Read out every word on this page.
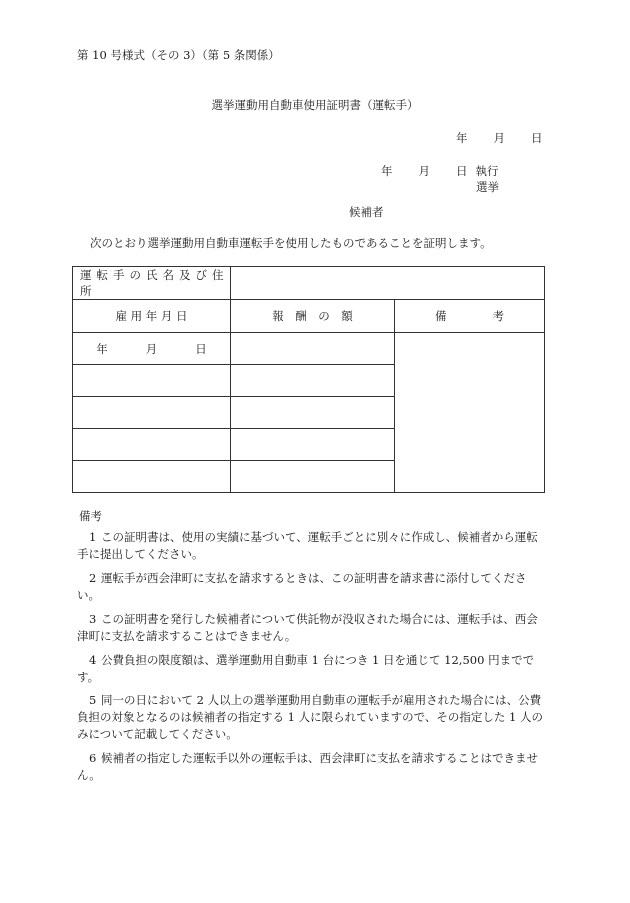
第 10 号様式（その 3）（第 5 条関係）
選挙運動用自動車使用証明書（運転手）
年 月 日
年 月 日 執行
選挙
候補者
次のとおり選挙運動用自動車運転手を使用したものであることを証明します。
運転手の氏名及び住所		
雇 用 年 月 日	報　酬　の　額	備　　　　考
年 月 日		

備考
1 この証明書は、使用の実績に基づいて、運転手ごとに別々に作成し、候補者から運転手に提出してください。
2 運転手が西会津町に支払を請求するときは、この証明書を請求書に添付してください。
3 この証明書を発行した候補者について供託物が没収された場合には、運転手は、西会津町に支払を請求することはできません。
4 公費負担の限度額は、選挙運動用自動車 1 台につき 1 日を通じて 12,500 円までです。
5 同一の日において 2 人以上の選挙運動用自動車の運転手が雇用された場合には、公費負担の対象となるのは候補者の指定する 1 人に限られていますので、その指定した 1 人のみについて記載してください。
6 候補者の指定した運転手以外の運転手は、西会津町に支払を請求することはできません。
